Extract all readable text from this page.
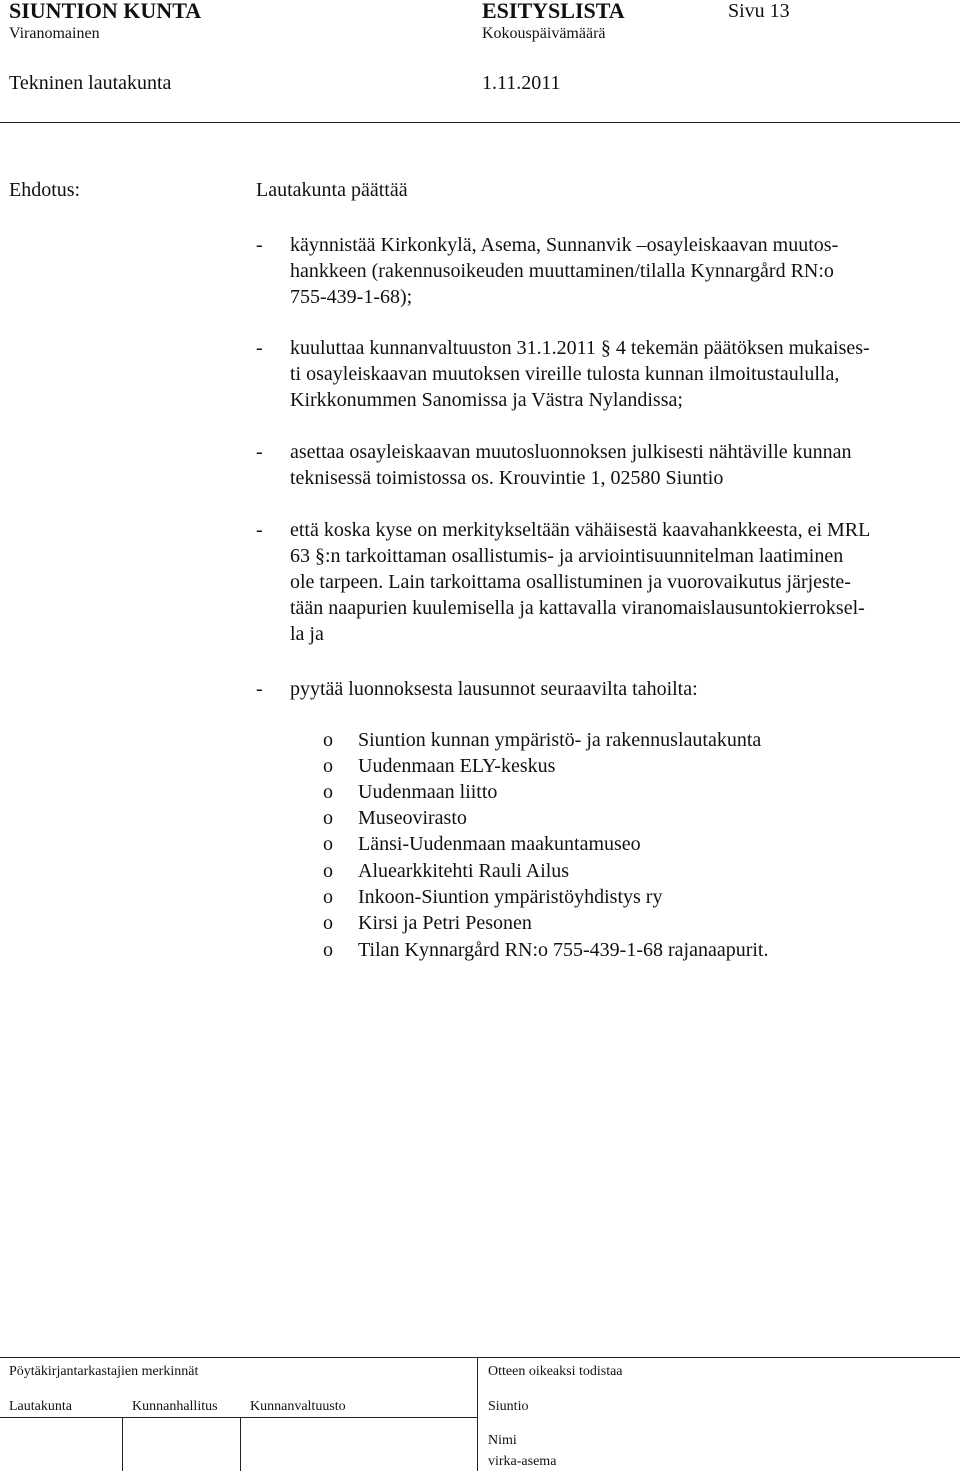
SIUNTION KUNTA	ESITYSLISTA	Sivu 13
Viranomainen	Kokouspäivämäärä
Tekninen lautakunta	1.11.2011
Ehdotus:	Lautakunta päättää
- käynnistää Kirkonkylä, Asema, Sunnanvik –osayleiskaavan muutos-
hankkeen (rakennusoikeuden muuttaminen/tilalla Kynnargård RN:o
755-439-1-68);
- kuuluttaa kunnanvaltuuston 31.1.2011 § 4 tekemän päätöksen mukaises-
ti osayleiskaavan muutoksen vireille tulosta kunnan ilmoitustaululla,
Kirkkonummen Sanomissa ja Västra Nylandissa;
- asettaa osayleiskaavan muutosluonnoksen julkisesti nähtäville kunnan
teknisessä toimistossa os. Krouvintie 1, 02580 Siuntio
- että koska kyse on merkitykseltään vähäisestä kaavahankkeesta, ei MRL
63 §:n tarkoittaman osallistumis- ja arviointisuunnitelman laatiminen
ole tarpeen. Lain tarkoittama osallistuminen ja vuorovaikutus järjeste-
tään naapurien kuulemisella ja kattavalla viranomaislausuntokierroksel-
la ja
- pyytää luonnoksesta lausunnot seuraavilta tahoilta:
o Siuntion kunnan ympäristö- ja rakennuslautakunta
o Uudenmaan ELY-keskus
o Uudenmaan liitto
o Museovirasto
o Länsi-Uudenmaan maakuntamuseo
o Aluearkkitehti Rauli Ailus
o Inkoon-Siuntion ympäristöyhdistys ry
o Kirsi ja Petri Pesonen
o Tilan Kynnargård RN:o 755-439-1-68 rajanaapurit.
Pöytäkirjantarkastajien merkinnät	Otteen oikeaksi todistaa
Lautakunta	Kunnanhallitus Kunnanvaltuusto	Siuntio
Nimi
virka-asema
